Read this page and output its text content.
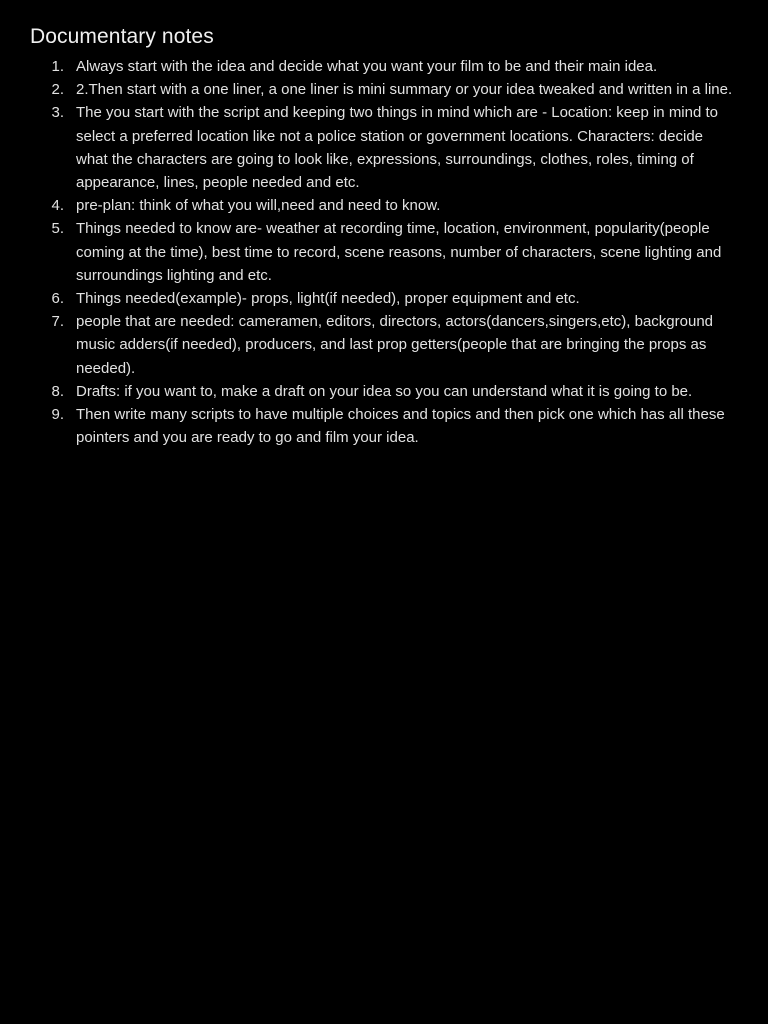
Documentary notes
1. Always start with the idea and decide what you want your film to be and their main idea.
2. 2.Then start with a one liner, a one liner is mini summary or your idea tweaked and written in a line.
3. The you start with the script and keeping two things in mind which are - Location: keep in mind to select a preferred location like not a police station or government locations. Characters: decide what the characters are going to look like, expressions, surroundings, clothes, roles, timing of appearance, lines, people needed and etc.
4. pre-plan: think of what you will,need and need to know.
5. Things needed to know are- weather at recording time, location, environment, popularity(people coming at the time), best time to record, scene reasons, number of characters, scene lighting and surroundings lighting and etc.
6. Things needed(example)- props, light(if needed), proper equipment and etc.
7. people that are needed: cameramen, editors, directors, actors(dancers,singers,etc), background music adders(if needed), producers, and last prop getters(people that are bringing the props as needed).
8. Drafts: if you want to, make a draft on your idea so you can understand what it is going to be.
9. Then write many scripts to have multiple choices and topics and then pick one which has all these pointers and you are ready to go and film your idea.
